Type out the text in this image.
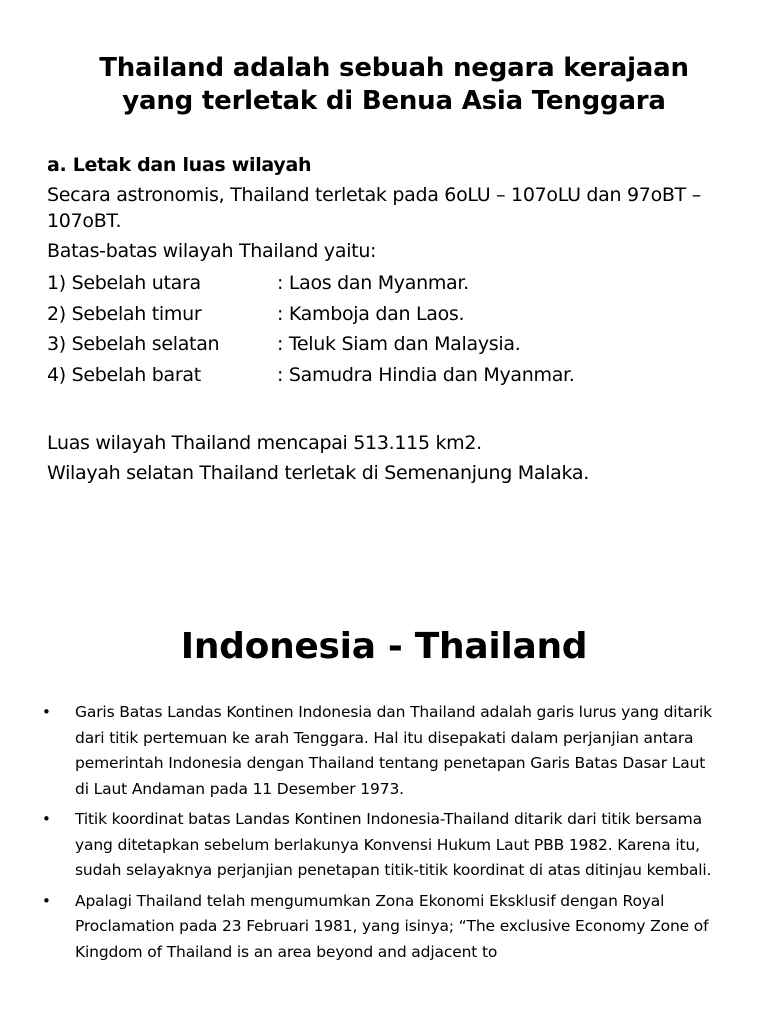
Thailand adalah sebuah negara kerajaan
yang terletak di Benua Asia Tenggara

a. Letak dan luas wilayah

Secara astronomis, Thailand terletak pada 6oLU – 107oLU dan 97oBT – 107oBT.

Batas-batas wilayah Thailand yaitu:

1) Sebelah utara	: Laos dan Myanmar.
2) Sebelah timur	: Kamboja dan Laos.
3) Sebelah selatan	: Teluk Siam dan Malaysia.
4) Sebelah barat	: Samudra Hindia dan Myanmar.

Luas wilayah Thailand mencapai 513.115 km2.

Wilayah selatan Thailand terletak di Semenanjung Malaka.

Indonesia - Thailand
• Garis Batas Landas Kontinen Indonesia dan Thailand adalah garis lurus yang ditarik dari titik pertemuan ke arah Tenggara. Hal itu disepakati dalam perjanjian antara pemerintah Indonesia dengan Thailand tentang penetapan Garis Batas Dasar Laut di Laut Andaman pada 11 Desember 1973.
• Titik koordinat batas Landas Kontinen Indonesia-Thailand ditarik dari titik bersama yang ditetapkan sebelum berlakunya Konvensi Hukum Laut PBB 1982. Karena itu, sudah selayaknya perjanjian penetapan titik-titik koordinat di atas ditinjau kembali.
• Apalagi Thailand telah mengumumkan Zona Ekonomi Eksklusif dengan Royal Proclamation pada 23 Februari 1981, yang isinya; “The exclusive Economy Zone of Kingdom of Thailand is an area beyond and adjacent to
